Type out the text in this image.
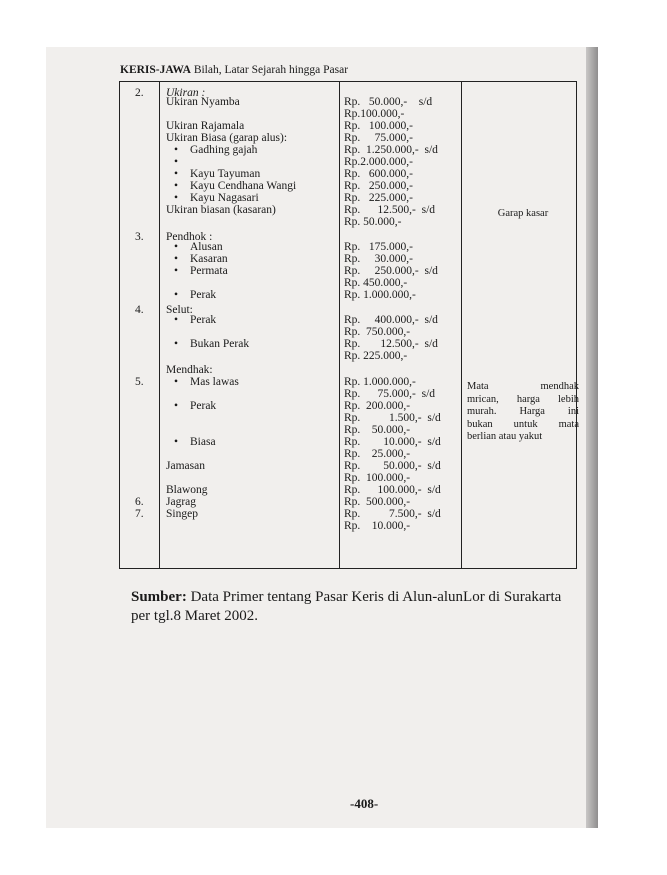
KERIS-JAWA Bilah, Latar Sejarah hingga Pasar
2. Ukiran :
Ukiran Nyamba	Rp.   50.000,-    s/d
Rp.100.000,-
Ukiran Rajamala	Rp.   100.000,-
Ukiran Biasa (garap alus):	Rp.     75.000,-
• Gadhing gajah	Rp.  1.250.000,-  s/d
Rp.2.000.000,-
• Kayu Tayuman	Rp.   600.000,-
• Kayu Cendhana Wangi	Rp.   250.000,-
• Kayu Nagasari	Rp.   225.000,-
Ukiran biasan (kasaran)	Rp.      12.500,-  s/d
Rp. 50.000,-
3. Pendhok :
• Alusan	Rp.   175.000,-
• Kasaran	Rp.     30.000,-
• Permata	Rp.     250.000,-  s/d
Rp. 450.000,-
• Perak	Rp. 1.000.000,-
4. Selut:
• Perak	Rp.     400.000,-  s/d
Rp.  750.000,-
• Bukan Perak	Rp.       12.500,-  s/d
Rp. 225.000,-
Mendhak:
5.
•	Mas lawas	Rp. 1.000.000,-
Rp.      75.000,-  s/d
• Perak	Rp.  200.000,-
Rp.          1.500,-  s/d
Rp.    50.000,-
• Biasa	Rp.        10.000,-  s/d
Rp.    25.000,-
Jamasan	Rp.        50.000,-  s/d
Rp.  100.000,-
Blawong	Rp.      100.000,-  s/d
6. Jagrag	Rp.  500.000,-
7. Singep	Rp.          7.500,-  s/d
Rp.    10.000,-
Garap kasar
Mata mendhak
mrican, harga lebih
murah. Harga ini
bukan untuk mata
berlian atau yakut
Sumber: Data Primer tentang Pasar Keris di Alun-alunLor di Surakarta per tgl.8 Maret 2002.
-408-
